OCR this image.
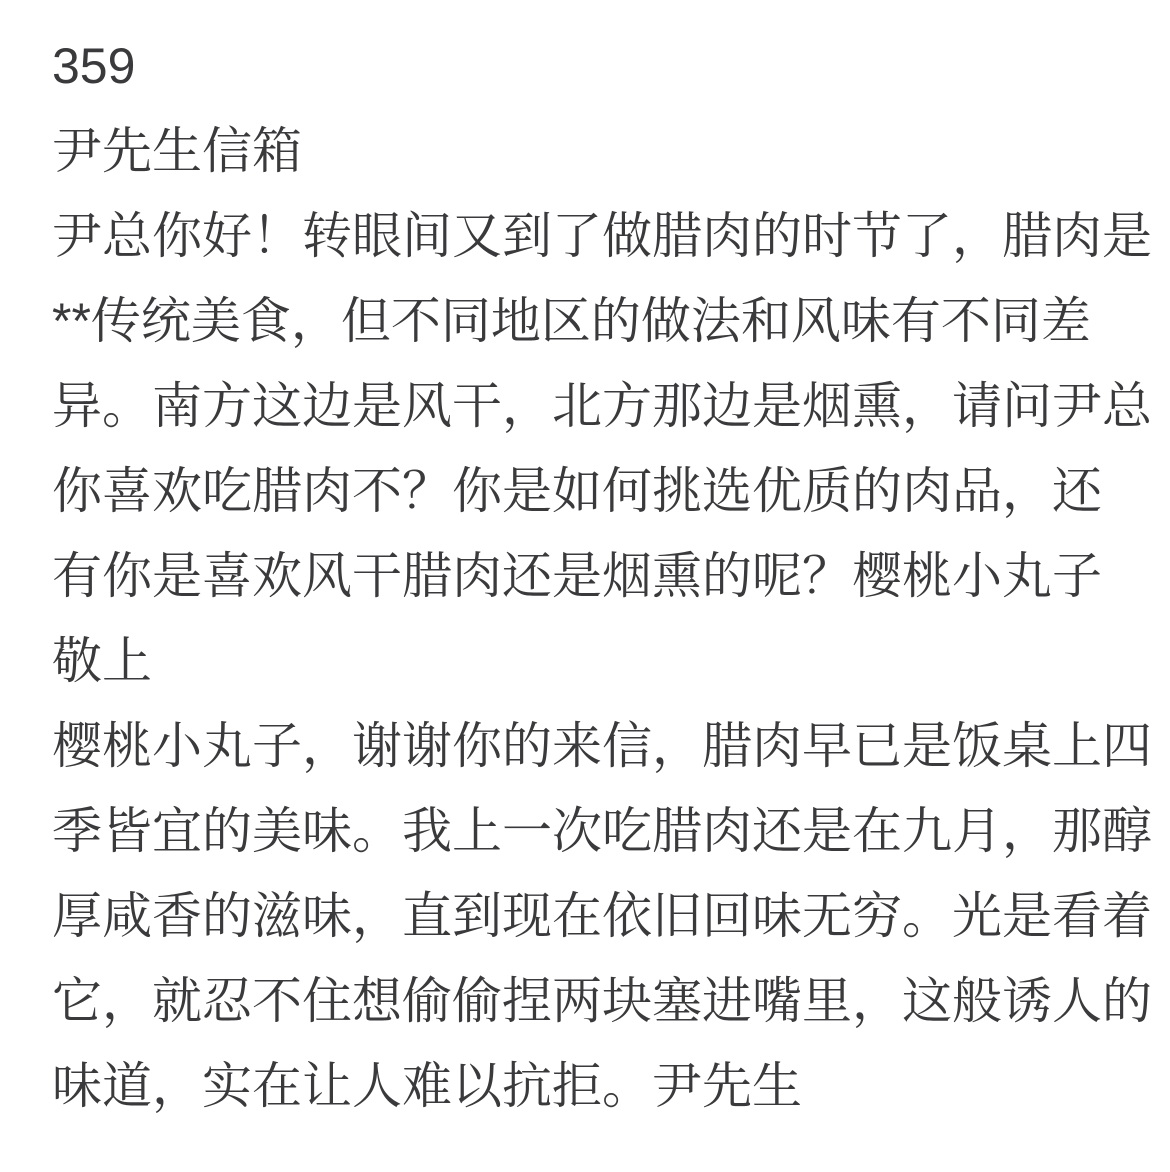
359
尹先生信箱
尹总你好！转眼间又到了做腊肉的时节了，腊肉是
**传统美食，但不同地区的做法和风味有不同差
异。南方这边是风干，北方那边是烟熏，请问尹总
你喜欢吃腊肉不？你是如何挑选优质的肉品，还
有你是喜欢风干腊肉还是烟熏的呢？樱桃小丸子
敬上
樱桃小丸子，谢谢你的来信，腊肉早已是饭桌上四
季皆宜的美味。我上一次吃腊肉还是在九月，那醇
厚咸香的滋味，直到现在依旧回味无穷。光是看着
它，就忍不住想偷偷捏两块塞进嘴里，这般诱人的
味道，实在让人难以抗拒。尹先生
